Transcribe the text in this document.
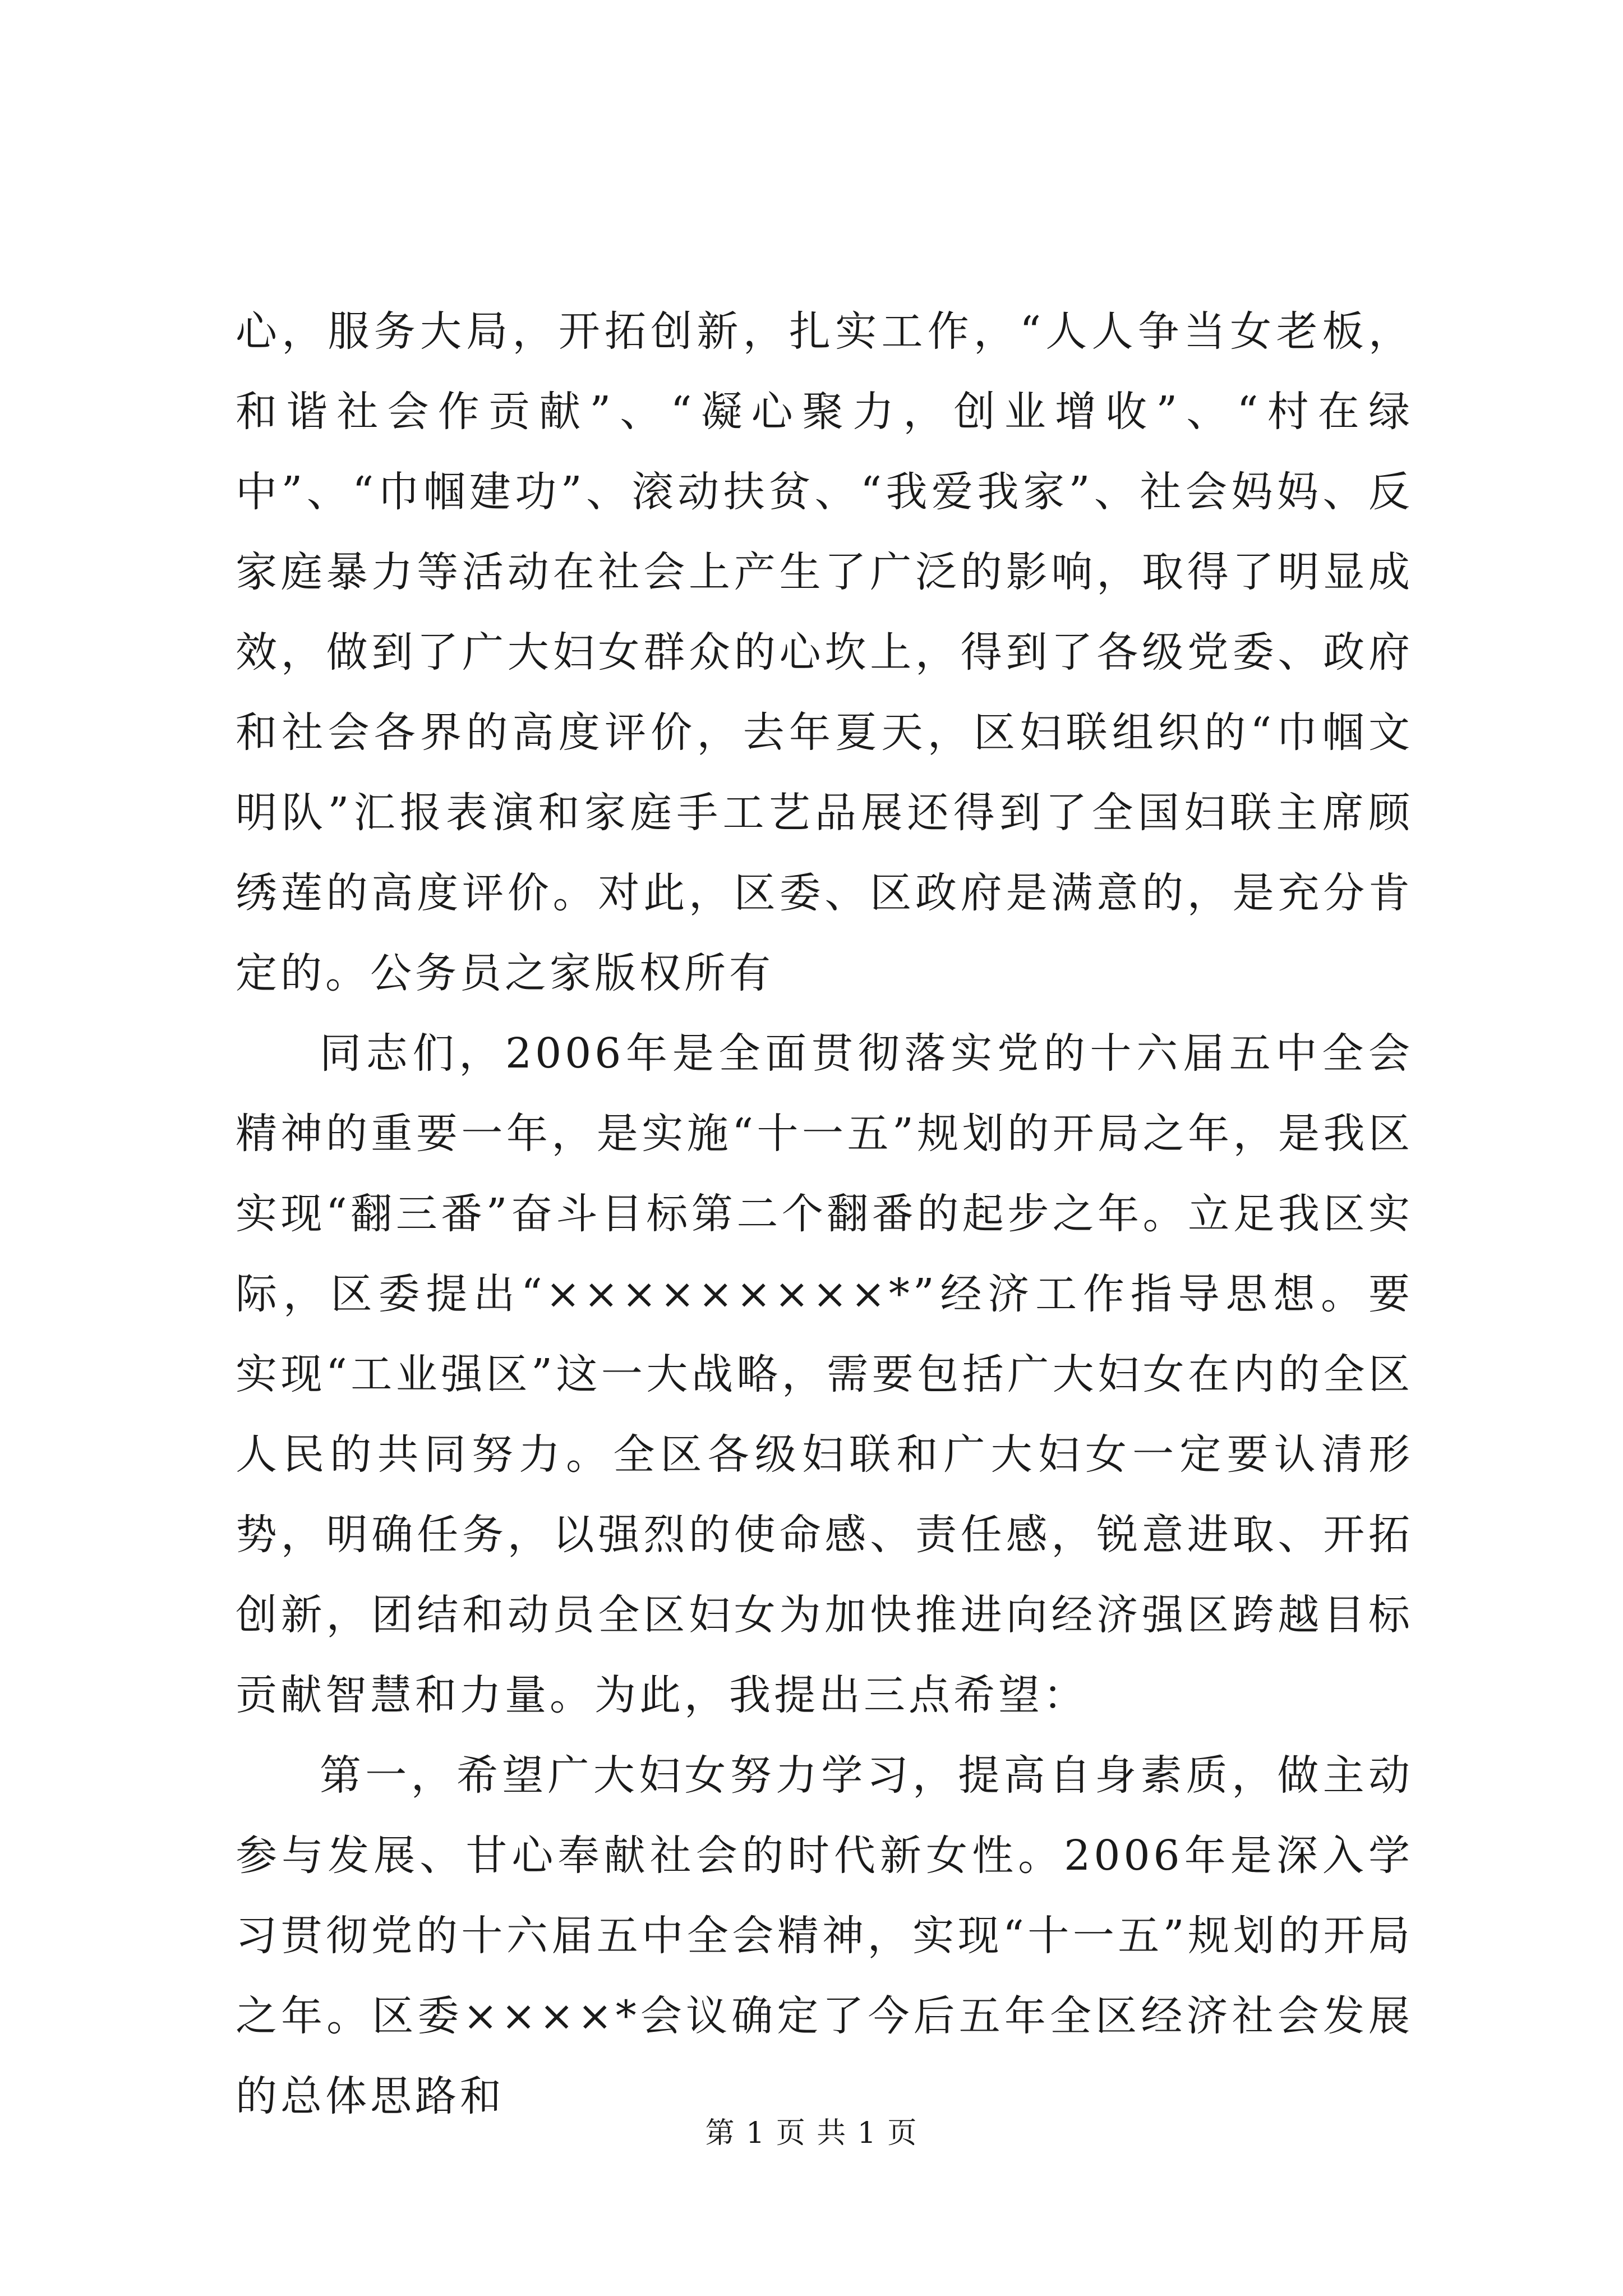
心，服务大局，开拓创新，扎实工作，“人人争当女老板，和谐社会作贡献”、“凝心聚力，创业增收”、“村在绿中”、“巾帼建功”、滚动扶贫、“我爱我家”、社会妈妈、反家庭暴力等活动在社会上产生了广泛的影响，取得了明显成效，做到了广大妇女群众的心坎上，得到了各级党委、政府和社会各界的高度评价，去年夏天，区妇联组织的“巾帼文明队”汇报表演和家庭手工艺品展还得到了全国妇联主席顾绣莲的高度评价。对此，区委、区政府是满意的，是充分肯定的。公务员之家版权所有

同志们，2006年是全面贯彻落实党的十六届五中全会精神的重要一年，是实施“十一五”规划的开局之年，是我区实现“翻三番”奋斗目标第二个翻番的起步之年。立足我区实际，区委提出“×××××××××*”经济工作指导思想。要实现“工业强区”这一大战略，需要包括广大妇女在内的全区人民的共同努力。全区各级妇联和广大妇女一定要认清形势，明确任务，以强烈的使命感、责任感，锐意进取、开拓创新，团结和动员全区妇女为加快推进向经济强区跨越目标贡献智慧和力量。为此，我提出三点希望：

第一，希望广大妇女努力学习，提高自身素质，做主动参与发展、甘心奉献社会的时代新女性。2006年是深入学习贯彻党的十六届五中全会精神，实现“十一五”规划的开局之年。区委××××*会议确定了今后五年全区经济社会发展的总体思路和

第 1 页 共 1 页
